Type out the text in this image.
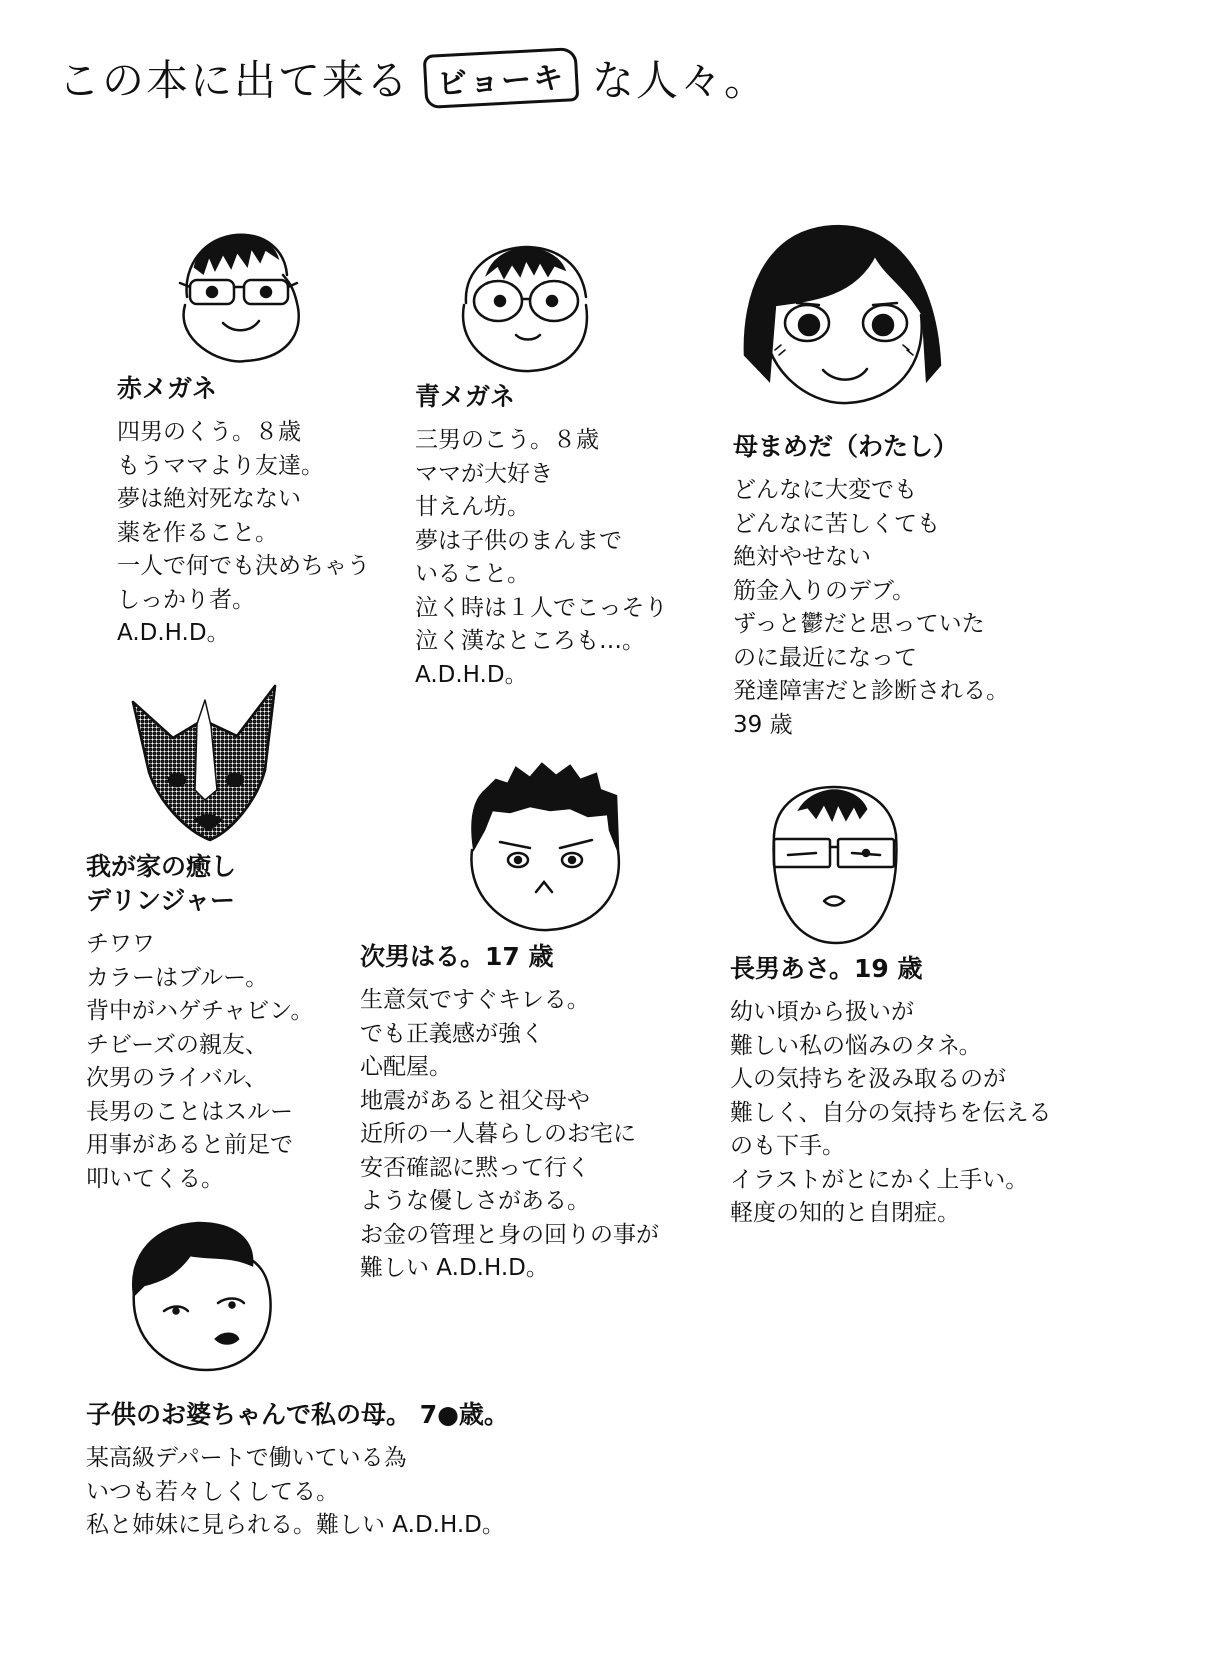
この本に出て来る ビョーキ な人々。
赤メガネ
四男のくう。８歳
もうママより友達。
夢は絶対死なない
薬を作ること。
一人で何でも決めちゃう
しっかり者。
A.D.H.D。
青メガネ
三男のこう。８歳
ママが大好き
甘えん坊。
夢は子供のまんまで
いること。
泣く時は１人でこっそり
泣く漢なところも…。
A.D.H.D。
母まめだ（わたし）
どんなに大変でも
どんなに苦しくても
絶対やせない
筋金入りのデブ。
ずっと鬱だと思っていた
のに最近になって
発達障害だと診断される。
39 歳
我が家の癒し
デリンジャー
チワワ
カラーはブルー。
背中がハゲチャビン。
チビーズの親友、
次男のライバル、
長男のことはスルー
用事があると前足で
叩いてくる。
次男はる。17 歳
生意気ですぐキレる。
でも正義感が強く
心配屋。
地震があると祖父母や
近所の一人暮らしのお宅に
安否確認に黙って行く
ような優しさがある。
お金の管理と身の回りの事が
難しい A.D.H.D。
長男あさ。19 歳
幼い頃から扱いが
難しい私の悩みのタネ。
人の気持ちを汲み取るのが
難しく、自分の気持ちを伝える
のも下手。
イラストがとにかく上手い。
軽度の知的と自閉症。
子供のお婆ちゃんで私の母。 7●歳。
某高級デパートで働いている為
いつも若々しくしてる。
私と姉妹に見られる。難しい A.D.H.D。
